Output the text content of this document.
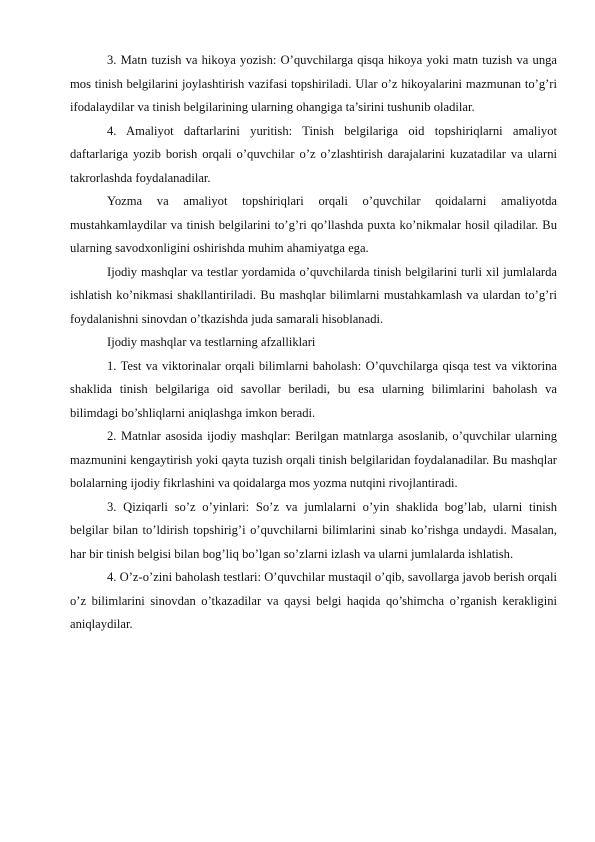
3. Matn tuzish va hikoya yozish: O’quvchilarga qisqa hikoya yoki matn tuzish va unga mos tinish belgilarini joylashtirish vazifasi topshiriladi. Ular o’z hikoyalarini mazmunan to’g’ri ifodalaydilar va tinish belgilarining ularning ohangiga ta’sirini tushunib oladilar.

4. Amaliyot daftarlarini yuritish: Tinish belgilariga oid topshiriqlarni amaliyot daftarlariga yozib borish orqali o’quvchilar o’z o’zlashtirish darajalarini kuzatadilar va ularni takrorlashda foydalanadilar.

Yozma va amaliyot topshiriqlari orqali o’quvchilar qoidalarni amaliyotda mustahkamlaydilar va tinish belgilarini to’g’ri qo’llashda puxta ko’nikmalar hosil qiladilar. Bu ularning savodxonligini oshirishda muhim ahamiyatga ega.

Ijodiy mashqlar va testlar yordamida o’quvchilarda tinish belgilarini turli xil jumlalarda ishlatish ko’nikmasi shakllantiriladi. Bu mashqlar bilimlarni mustahkamlash va ulardan to’g’ri foydalanishni sinovdan o’tkazishda juda samarali hisoblanadi.

Ijodiy mashqlar va testlarning afzalliklari

1. Test va viktorinalar orqali bilimlarni baholash: O’quvchilarga qisqa test va viktorina shaklida tinish belgilariga oid savollar beriladi, bu esa ularning bilimlarini baholash va bilimdagi bo’shliqlarni aniqlashga imkon beradi.

2. Matnlar asosida ijodiy mashqlar: Berilgan matnlarga asoslanib, o’quvchilar ularning mazmunini kengaytirish yoki qayta tuzish orqali tinish belgilaridan foydalanadilar. Bu mashqlar bolalarning ijodiy fikrlashini va qoidalarga mos yozma nutqini rivojlantiradi.

3. Qiziqarli so’z o’yinlari: So’z va jumlalarni o’yin shaklida bog’lab, ularni tinish belgilar bilan to’ldirish topshirig’i o’quvchilarni bilimlarini sinab ko’rishga undaydi. Masalan, har bir tinish belgisi bilan bog’liq bo’lgan so’zlarni izlash va ularni jumlalarda ishlatish.

4. O’z-o’zini baholash testlari: O’quvchilar mustaqil o’qib, savollarga javob berish orqali o’z bilimlarini sinovdan o’tkazadilar va qaysi belgi haqida qo’shimcha o’rganish kerakligini aniqlaydilar.
